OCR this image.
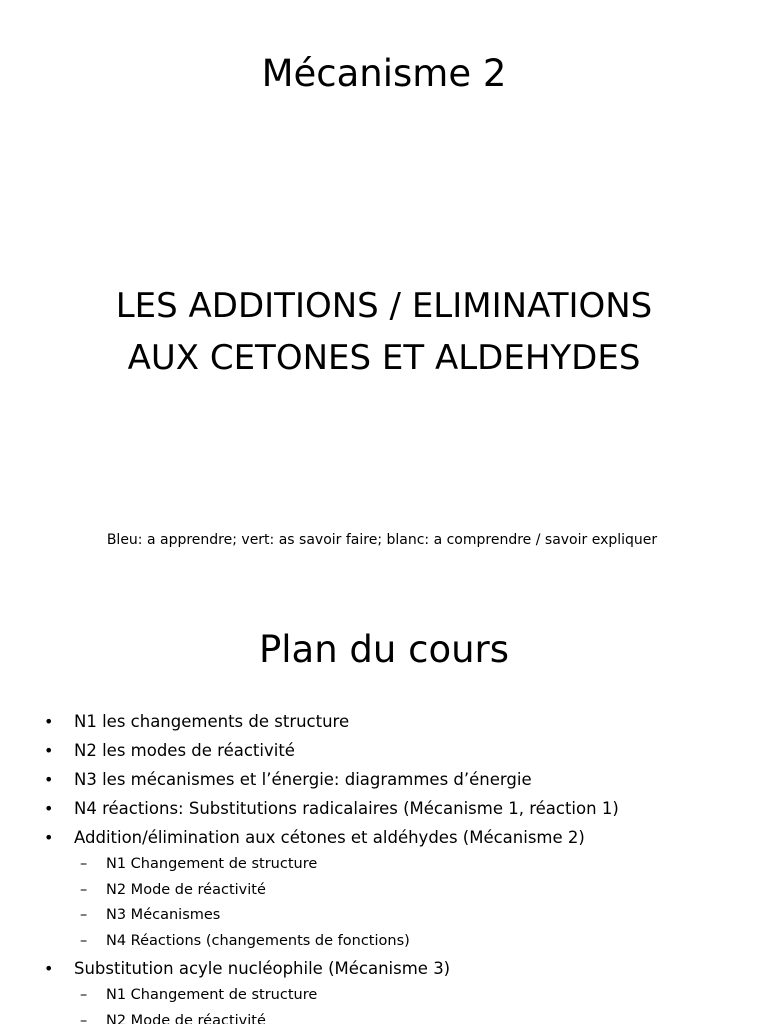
Mécanisme 2
LES ADDITIONS / ELIMINATIONS
AUX CETONES ET ALDEHYDES
Bleu: a apprendre; vert: as savoir faire; blanc: a comprendre / savoir expliquer
Plan du cours
• N1 les changements de structure
• N2 les modes de réactivité
• N3 les mécanismes et l’énergie: diagrammes d’énergie
• N4 réactions: Substitutions radicalaires (Mécanisme 1, réaction 1)
• Addition/élimination aux cétones et aldéhydes (Mécanisme 2)
– N1 Changement de structure
– N2 Mode de réactivité
– N3 Mécanismes
– N4 Réactions (changements de fonctions)
• Substitution acyle nucléophile (Mécanisme 3)
– N1 Changement de structure
– N2 Mode de réactivité
